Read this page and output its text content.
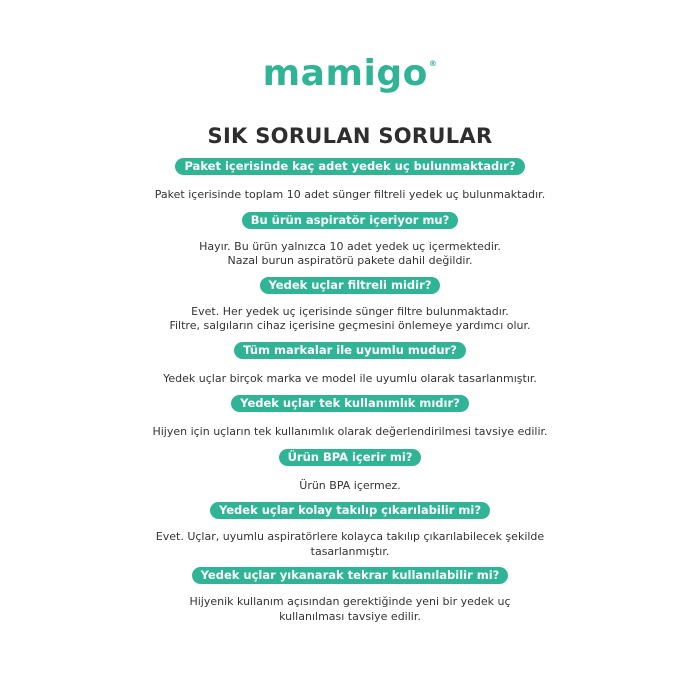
mamigo ®
SIK SORULAN SORULAR
Paket içerisinde kaç adet yedek uç bulunmaktadır?
Paket içerisinde toplam 10 adet sünger filtreli yedek uç bulunmaktadır.
Bu ürün aspiratör içeriyor mu?
Hayır. Bu ürün yalnızca 10 adet yedek uç içermektedir.
Nazal burun aspiratörü pakete dahil değildir.
Yedek uçlar filtreli midir?
Evet. Her yedek uç içerisinde sünger filtre bulunmaktadır.
Filtre, salgıların cihaz içerisine geçmesini önlemeye yardımcı olur.
Tüm markalar ile uyumlu mudur?
Yedek uçlar birçok marka ve model ile uyumlu olarak tasarlanmıştır.
Yedek uçlar tek kullanımlık mıdır?
Hijyen için uçların tek kullanımlık olarak değerlendirilmesi tavsiye edilir.
Ürün BPA içerir mi?
Ürün BPA içermez.
Yedek uçlar kolay takılıp çıkarılabilir mi?
Evet. Uçlar, uyumlu aspiratörlere kolayca takılıp çıkarılabilecek şekilde
tasarlanmıştır.
Yedek uçlar yıkanarak tekrar kullanılabilir mi?
Hijyenik kullanım açısından gerektiğinde yeni bir yedek uç
kullanılması tavsiye edilir.
